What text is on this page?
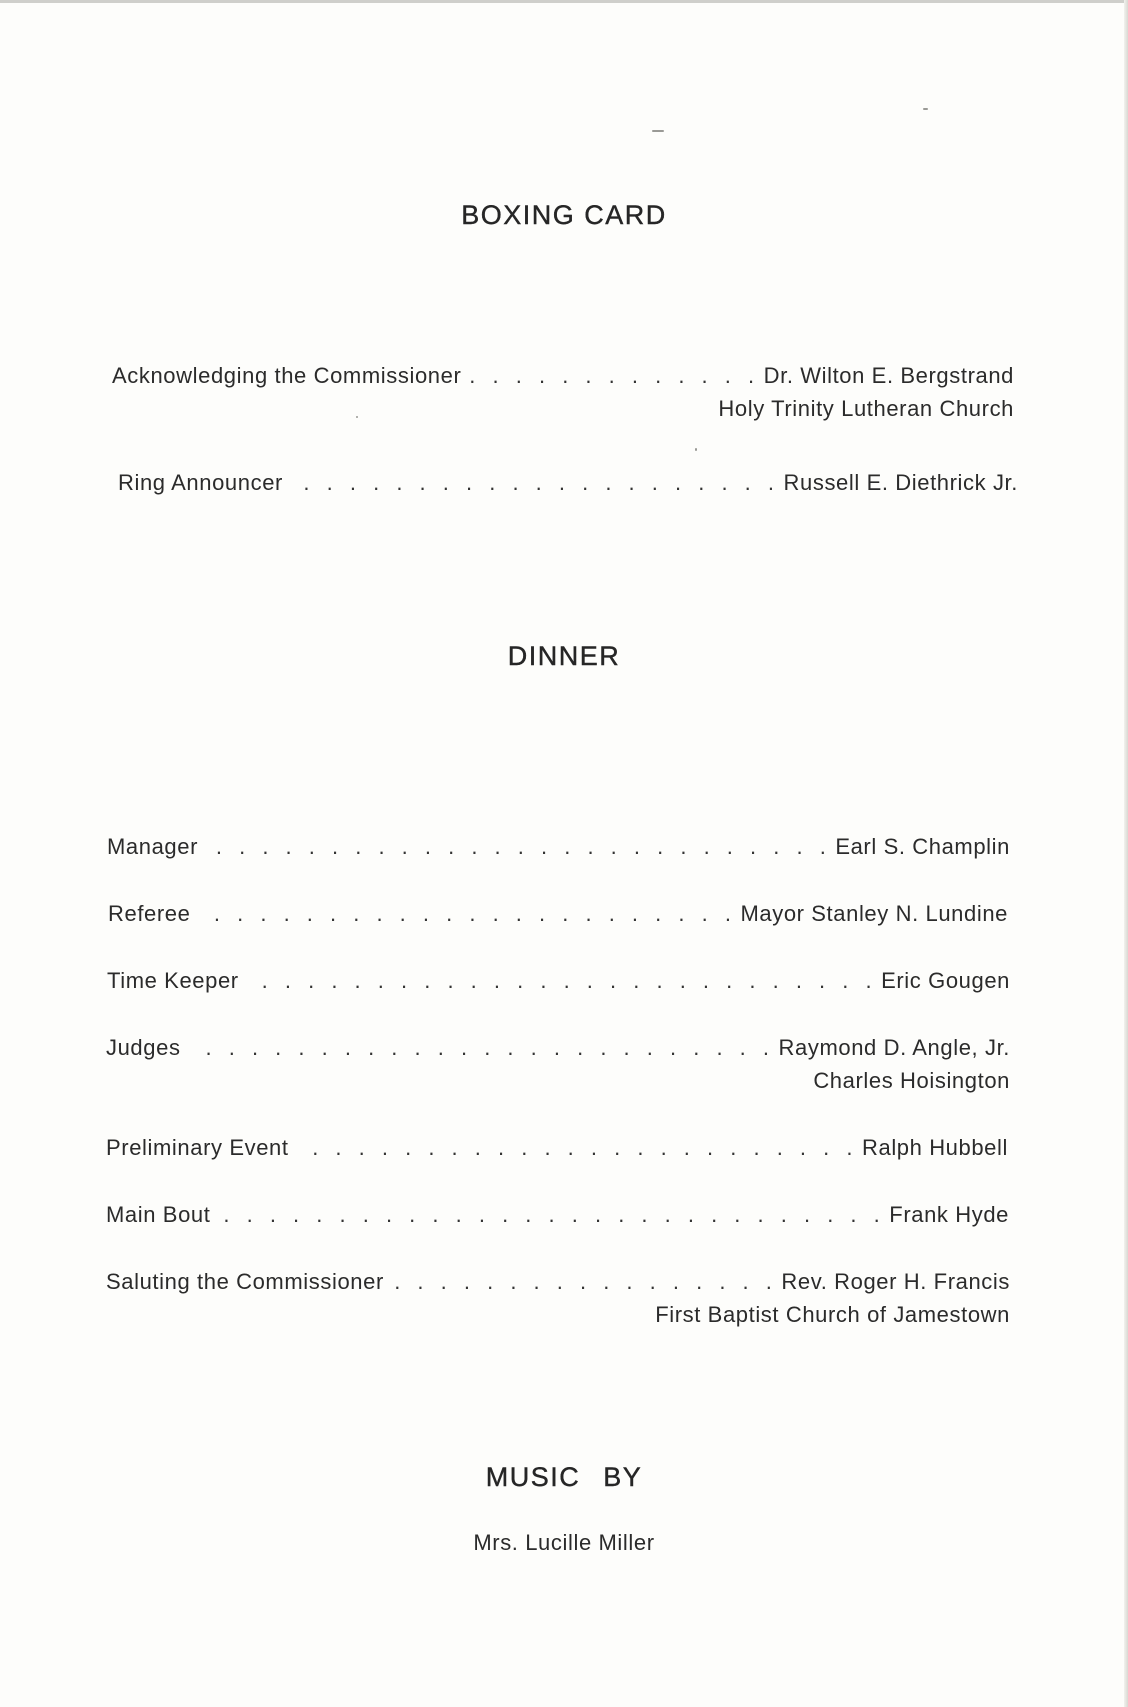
BOXING CARD
Acknowledging the Commissioner . . .	Dr. Wilton E. Bergstrand
Holy Trinity Lutheran Church
Ring Announcer . . .	Russell E. Diethrick Jr.
DINNER
Manager . . .	Earl S. Champlin
Referee . . .	Mayor Stanley N. Lundine
Time Keeper . . .	Eric Gougen
Judges . . .	Raymond D. Angle, Jr.
Charles Hoisington
Preliminary Event . . .	Ralph Hubbell
Main Bout . . .	Frank Hyde
Saluting the Commissioner . . .	Rev. Roger H. Francis
First Baptist Church of Jamestown
MUSIC BY
Mrs. Lucille Miller
